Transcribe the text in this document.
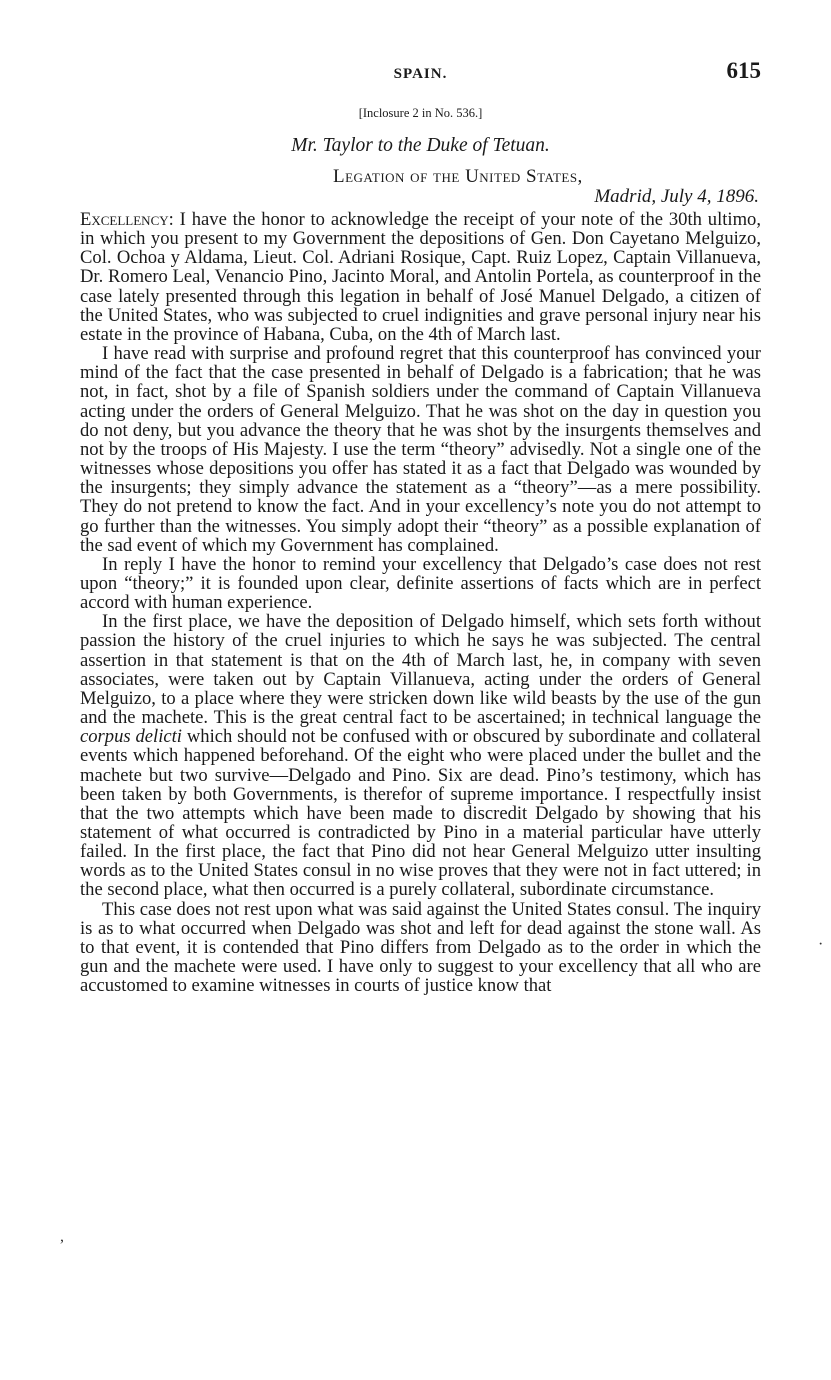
SPAIN.	615
[Inclosure 2 in No. 536.]
Mr. Taylor to the Duke of Tetuan.
Legation of the United States,
Madrid, July 4, 1896.

Excellency: I have the honor to acknowledge the receipt of your note of the 30th ultimo, in which you present to my Government the depositions of Gen. Don Cayetano Melguizo, Col. Ochoa y Aldama, Lieut. Col. Adriani Rosique, Capt. Ruiz Lopez, Captain Villanueva, Dr. Romero Leal, Venancio Pino, Jacinto Moral, and Antolin Portela, as counterproof in the case lately presented through this legation in behalf of José Manuel Delgado, a citizen of the United States, who was subjected to cruel indignities and grave personal injury near his estate in the province of Habana, Cuba, on the 4th of March last.

I have read with surprise and profound regret that this counterproof has convinced your mind of the fact that the case presented in behalf of Delgado is a fabrication; that he was not, in fact, shot by a file of Spanish soldiers under the command of Captain Villanueva acting under the orders of General Melguizo. That he was shot on the day in question you do not deny, but you advance the theory that he was shot by the insurgents themselves and not by the troops of His Majesty. I use the term “theory” advisedly. Not a single one of the witnesses whose depositions you offer has stated it as a fact that Delgado was wounded by the insurgents; they simply advance the statement as a “theory”—as a mere possibility. They do not pretend to know the fact. And in your excellency’s note you do not attempt to go further than the witnesses. You simply adopt their “theory” as a possible explanation of the sad event of which my Government has complained.

In reply I have the honor to remind your excellency that Delgado’s case does not rest upon “theory;” it is founded upon clear, definite assertions of facts which are in perfect accord with human experience.

In the first place, we have the deposition of Delgado himself, which sets forth without passion the history of the cruel injuries to which he says he was subjected. The central assertion in that statement is that on the 4th of March last, he, in company with seven associates, were taken out by Captain Villanueva, acting under the orders of General Melguizo, to a place where they were stricken down like wild beasts by the use of the gun and the machete. This is the great central fact to be ascertained; in technical language the corpus delicti which should not be confused with or obscured by subordinate and collateral events which happened beforehand. Of the eight who were placed under the bullet and the machete but two survive—Delgado and Pino. Six are dead. Pino’s testimony, which has been taken by both Governments, is therefor of supreme importance. I respectfully insist that the two attempts which have been made to discredit Delgado by showing that his statement of what occurred is contradicted by Pino in a material particular have utterly failed. In the first place, the fact that Pino did not hear General Melguizo utter insulting words as to the United States consul in no wise proves that they were not in fact uttered; in the second place, what then occurred is a purely collateral, subordinate circumstance.

This case does not rest upon what was said against the United States consul. The inquiry is as to what occurred when Delgado was shot and left for dead against the stone wall. As to that event, it is contended that Pino differs from Delgado as to the order in which the gun and the machete were used. I have only to suggest to your excellency that all who are accustomed to examine witnesses in courts of justice know that

·
,
